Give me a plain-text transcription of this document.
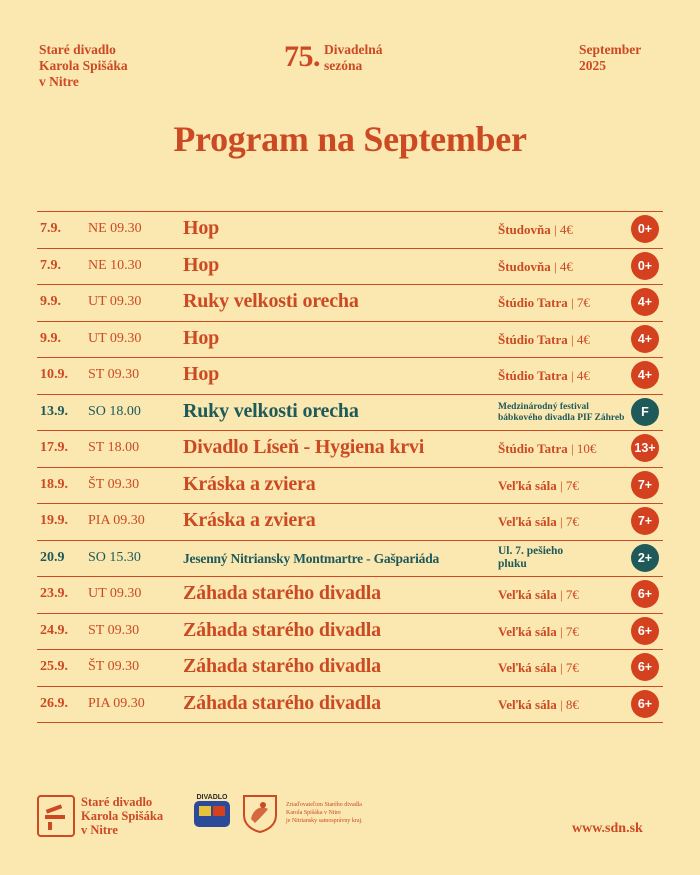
Staré divadlo
Karola Spišáka
v Nitre
75. Divadelná
sezóna
September
2025
Program na September
7.9. NE 09.30 Hop	Študovňa | 4€	0+
7.9. NE 10.30 Hop	Študovňa | 4€	0+
9.9. UT 09.30 Ruky velkosti orecha	Štúdio Tatra | 7€	4+
9.9. UT 09.30 Hop	Štúdio Tatra | 4€	4+
10.9. ST 09.30 Hop	Štúdio Tatra | 4€	4+
13.9. SO 18.00 Ruky velkosti orecha	Medzinárodný festival
bábkového divadla PIF Záhreb	F
17.9. ST 18.00 Divadlo Líseň - Hygiena krvi	Štúdio Tatra | 10€	13+
18.9. ŠT 09.30 Kráska a zviera	Veľká sála | 7€	7+
19.9. PIA 09.30 Kráska a zviera	Veľká sála | 7€	7+
20.9 SO 15.30	Jesenný Nitriansky Montmartre - Gašpariáda	Ul. 7. pešieho
pluku	2+
23.9. UT 09.30 Záhada starého divadla	Veľká sála | 7€	6+
24.9. ST 09.30 Záhada starého divadla	Veľká sála | 7€	6+
25.9. ŠT 09.30 Záhada starého divadla	Veľká sála | 7€	6+
26.9. PIA 09.30 Záhada starého divadla	Veľká sála | 8€	6+
Staré divadlo
Karola Spišáka
v Nitre
DIVADLO
Zriaďovateľom Starého divadla
Karola Spišáka v Nitre
je Nitriansky samosprávny kraj.	www.sdn.sk
